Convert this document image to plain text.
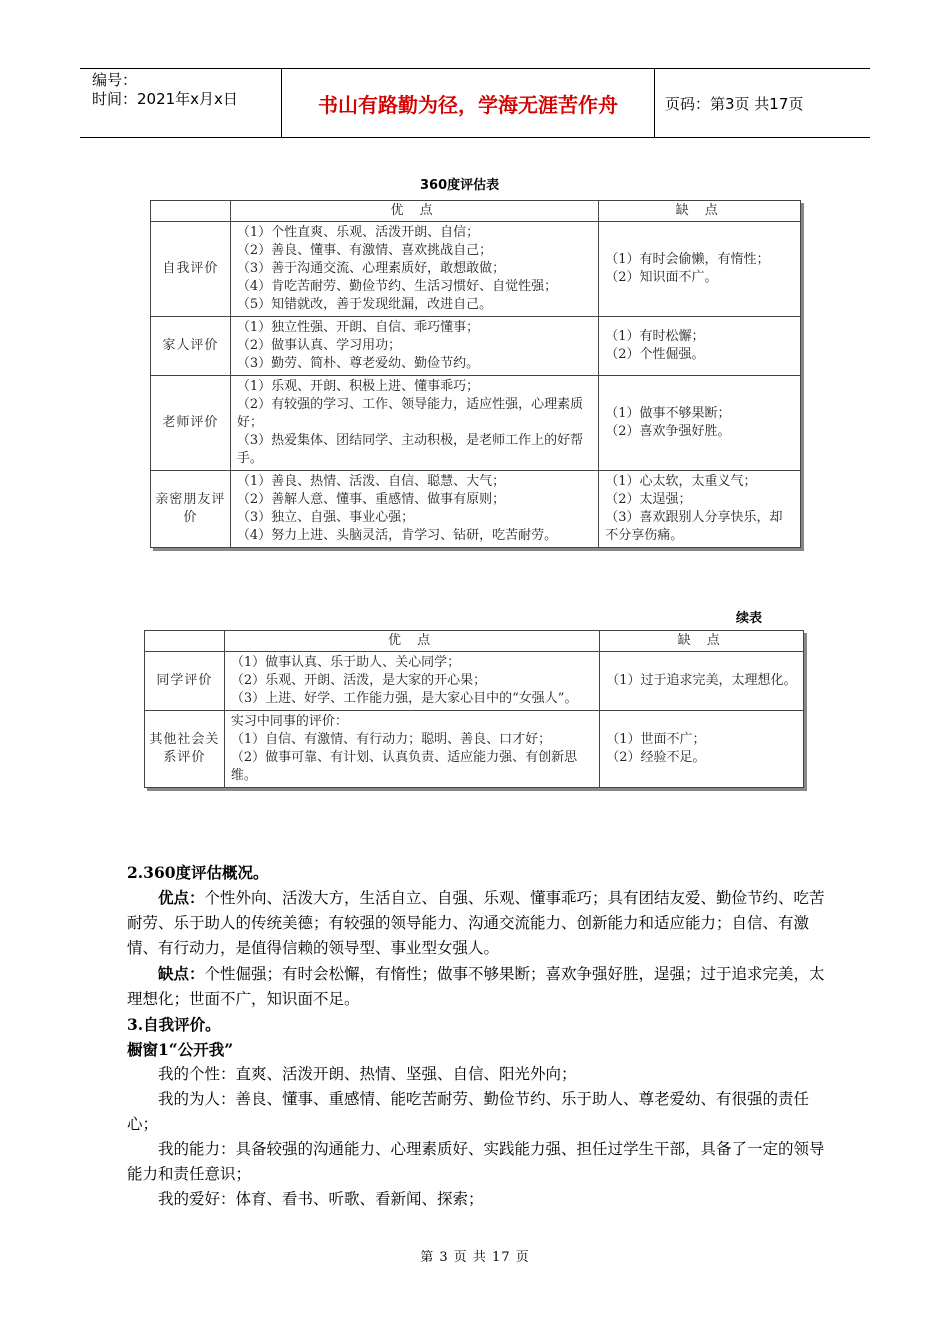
编号：
时间：2021年x月x日	书山有路勤为径，学海无涯苦作舟	页码：第3页 共17页
360度评估表
	优 点	缺 点
自我评价	（1）个性直爽、乐观、活泼开朗、自信；
（2）善良、懂事、有激情、喜欢挑战自己；
（3）善于沟通交流、心理素质好，敢想敢做；
（4）肯吃苦耐劳、勤俭节约、生活习惯好、自觉性强；
（5）知错就改，善于发现纰漏，改进自己。	（1）有时会偷懒，有惰性；
（2）知识面不广。

家人评价	（1）独立性强、开朗、自信、乖巧懂事；
（2）做事认真、学习用功；
（3）勤劳、简朴、尊老爱幼、勤俭节约。	（1）有时松懈；
（2）个性倔强。

老师评价	（1）乐观、开朗、积极上进、懂事乖巧；
（2）有较强的学习、工作、领导能力，适应性强，心理素质好；
（3）热爱集体、团结同学、主动积极，是老师工作上的好帮手。	（1）做事不够果断；
（2）喜欢争强好胜。

亲密朋友评价	（1）善良、热情、活泼、自信、聪慧、大气；
（2）善解人意、懂事、重感情、做事有原则；
（3）独立、自强、事业心强；
（4）努力上进、头脑灵活，肯学习、钻研，吃苦耐劳。	（1）心太软，太重义气；
（2）太逞强；
（3）喜欢跟别人分享快乐，却不分享伤痛。
续表
	优 点	缺 点
同学评价	（1）做事认真、乐于助人、关心同学；
（2）乐观、开朗、活泼，是大家的开心果；
（3）上进、好学、工作能力强，是大家心目中的“女强人”。	（1）过于追求完美，太理想化。

其他社会关系评价	实习中同事的评价：
（1）自信、有激情、有行动力；聪明、善良、口才好；
（2）做事可靠、有计划、认真负责、适应能力强、有创新思维。	（1）世面不广；
（2）经验不足。

2.360度评估概况。

优点：个性外向、活泼大方，生活自立、自强、乐观、懂事乖巧；具有团结友爱、勤俭节约、吃苦耐劳、乐于助人的传统美德；有较强的领导能力、沟通交流能力、创新能力和适应能力；自信、有激情、有行动力，是值得信赖的领导型、事业型女强人。

缺点：个性倔强；有时会松懈，有惰性；做事不够果断；喜欢争强好胜，逞强；过于追求完美，太理想化；世面不广，知识面不足。

3.自我评价。

橱窗1“公开我”

我的个性：直爽、活泼开朗、热情、坚强、自信、阳光外向；

我的为人：善良、懂事、重感情、能吃苦耐劳、勤俭节约、乐于助人、尊老爱幼、有很强的责任心；

我的能力：具备较强的沟通能力、心理素质好、实践能力强、担任过学生干部，具备了一定的领导能力和责任意识；

我的爱好：体育、看书、听歌、看新闻、探索；

第 3 页 共 17 页
